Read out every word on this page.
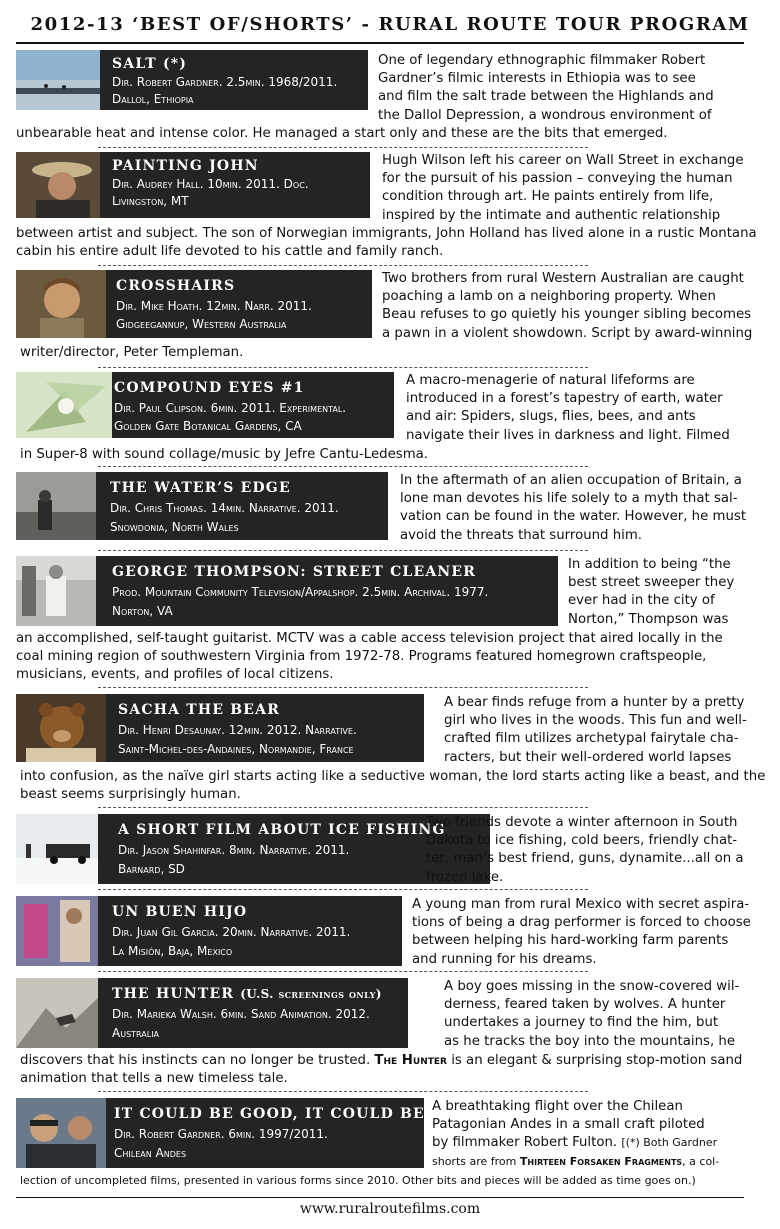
2012-13 ‘BEST OF/SHORTS’ - RURAL ROUTE TOUR PROGRAM
SALT (*)
Dir. Robert Gardner. 2.5min. 1968/2011.
Dallol, Ethiopia
One of legendary ethnographic filmmaker Robert
Gardner’s filmic interests in Ethiopia was to see
and film the salt trade between the Highlands and
the Dallol Depression, a wondrous environment of
unbearable heat and intense color. He managed a start only and these are the bits that emerged.
PAINTING JOHN
Dir. Audrey Hall. 10min. 2011. Doc.
Livingston, MT
Hugh Wilson left his career on Wall Street in exchange
for the pursuit of his passion – conveying the human
condition through art. He paints entirely from life,
inspired by the intimate and authentic relationship
between artist and subject. The son of Norwegian immigrants, John Holland has lived alone in a rustic Montana
cabin his entire adult life devoted to his cattle and family ranch.
CROSSHAIRS
Dir. Mike Hoath. 12min. Narr. 2011.
Gidgeegannup, Western Australia
Two brothers from rural Western Australian are caught
poaching a lamb on a neighboring property. When
Beau refuses to go quietly his younger sibling becomes
a pawn in a violent showdown. Script by award-winning
writer/director, Peter Templeman.
COMPOUND EYES #1
Dir. Paul Clipson. 6min. 2011. Experimental.
Golden Gate Botanical Gardens, CA
A macro-menagerie of natural lifeforms are
introduced in a forest’s tapestry of earth, water
and air: Spiders, slugs, flies, bees, and ants
navigate their lives in darkness and light. Filmed
in Super-8 with sound collage/music by Jefre Cantu-Ledesma.
THE WATER’S EDGE
Dir. Chris Thomas. 14min. Narrative. 2011.
Snowdonia, North Wales
In the aftermath of an alien occupation of Britain, a
lone man devotes his life solely to a myth that sal-
vation can be found in the water. However, he must
avoid the threats that surround him.
GEORGE THOMPSON: STREET CLEANER
Prod. Mountain Community Television/Appalshop. 2.5min. Archival. 1977.
Norton, VA
In addition to being “the
best street sweeper they
ever had in the city of
Norton,” Thompson was
an accomplished, self-taught guitarist. MCTV was a cable access television project that aired locally in the
coal mining region of southwestern Virginia from 1972-78. Programs featured homegrown craftspeople,
musicians, events, and profiles of local citizens.
SACHA THE BEAR
Dir. Henri Desaunay. 12min. 2012. Narrative.
Saint-Michel-des-Andaines, Normandie, France
A bear finds refuge from a hunter by a pretty
girl who lives in the woods. This fun and well-
crafted film utilizes archetypal fairytale cha-
racters, but their well-ordered world lapses
into confusion, as the naïve girl starts acting like a seductive woman, the lord starts acting like a beast, and the
beast seems surprisingly human.
A SHORT FILM ABOUT ICE FISHING
Dir. Jason Shahinfar. 8min. Narrative. 2011.
Barnard, SD
Two friends devote a winter afternoon in South
Dakota to ice fishing, cold beers, friendly chat-
ter, man’s best friend, guns, dynamite...all on a
frozen lake.
UN BUEN HIJO
Dir. Juan Gil Garcia. 20min. Narrative. 2011.
La Misión, Baja, Mexico
A young man from rural Mexico with secret aspira-
tions of being a drag performer is forced to choose
between helping his hard-working farm parents
and running for his dreams.
THE HUNTER (U.S. screenings only)
Dir. Marieka Walsh. 6min. Sand Animation. 2012.
Australia
A boy goes missing in the snow-covered wil-
derness, feared taken by wolves. A hunter
undertakes a journey to find the him, but
as he tracks the boy into the mountains, he
discovers that his instincts can no longer be trusted. The Hunter is an elegant & surprising stop-motion sand
animation that tells a new timeless tale.
IT COULD BE GOOD, IT COULD BE BAD (*)
Dir. Robert Gardner. 6min. 1997/2011.
Chilean Andes
A breathtaking flight over the Chilean
Patagonian Andes in a small craft piloted
by filmmaker Robert Fulton. [(*) Both Gardner
shorts are from Thirteen Forsaken Fragments, a col-
lection of uncompleted films, presented in various forms since 2010. Other bits and pieces will be added as time goes on.)
www.ruralroutefilms.com
